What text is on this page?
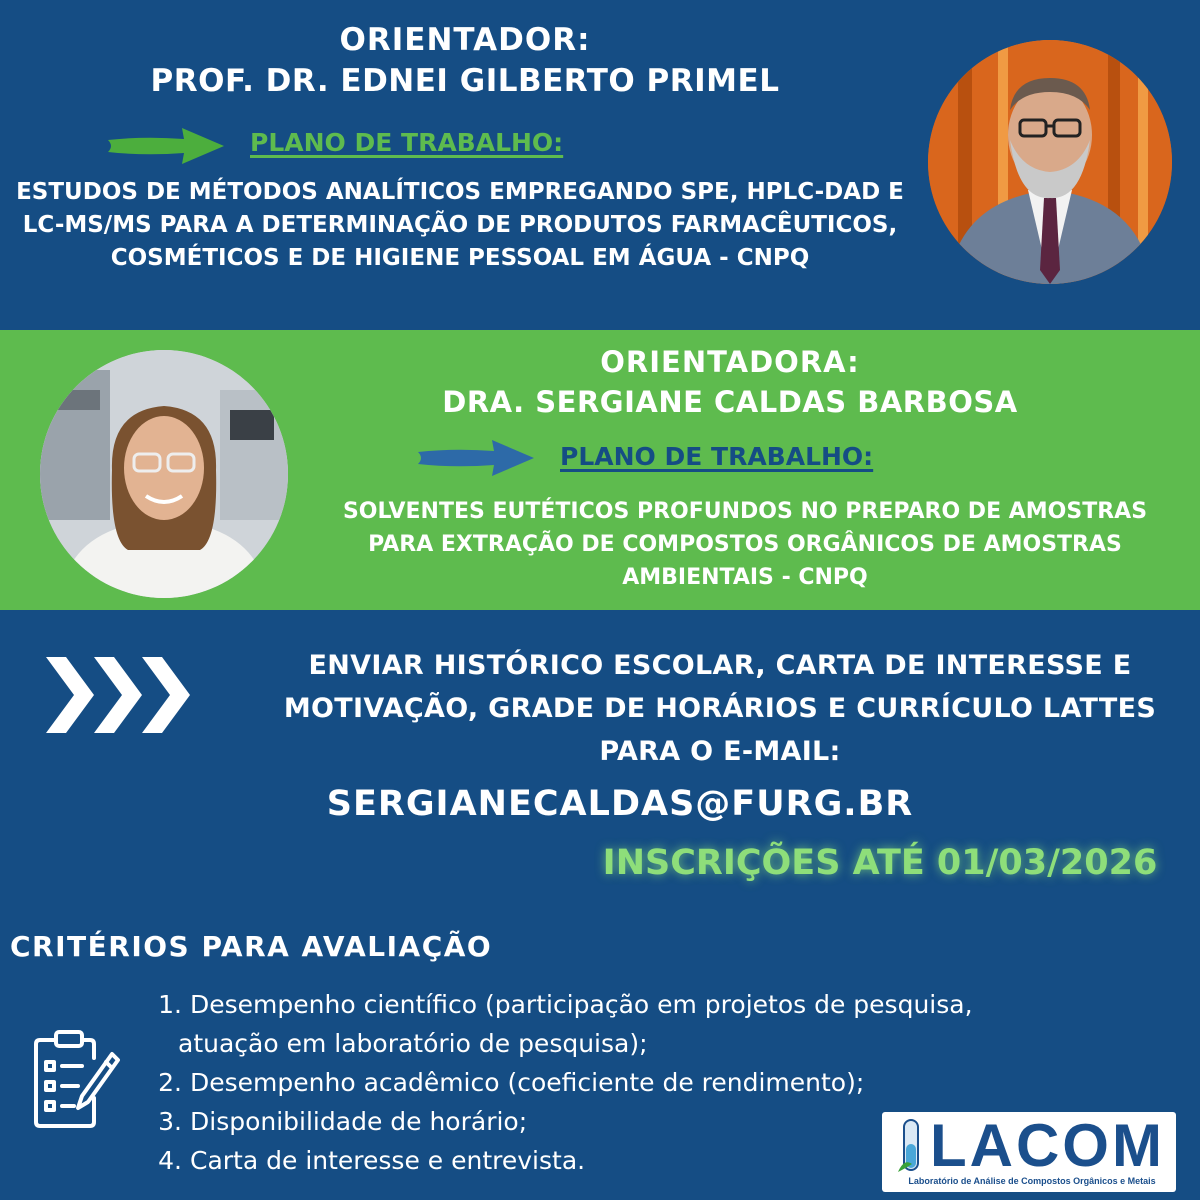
ORIENTADOR:
PROF. DR. EDNEI GILBERTO PRIMEL
PLANO DE TRABALHO:
ESTUDOS DE MÉTODOS ANALÍTICOS EMPREGANDO SPE, HPLC-DAD E LC-MS/MS PARA A DETERMINAÇÃO DE PRODUTOS FARMACÊUTICOS, COSMÉTICOS E DE HIGIENE PESSOAL EM ÁGUA - CNPQ
ORIENTADORA:
DRA. SERGIANE CALDAS BARBOSA
PLANO DE TRABALHO:
SOLVENTES EUTÉTICOS PROFUNDOS NO PREPARO DE AMOSTRAS PARA EXTRAÇÃO DE COMPOSTOS ORGÂNICOS DE AMOSTRAS AMBIENTAIS - CNPQ
ENVIAR HISTÓRICO ESCOLAR, CARTA DE INTERESSE E MOTIVAÇÃO, GRADE DE HORÁRIOS E CURRÍCULO LATTES PARA O E-MAIL:
SERGIANECALDAS@FURG.BR
INSCRIÇÕES ATÉ 01/03/2026
CRITÉRIOS PARA AVALIAÇÃO
1. Desempenho científico (participação em projetos de pesquisa,
atuação em laboratório de pesquisa);
2. Desempenho acadêmico (coeficiente de rendimento);
3. Disponibilidade de horário;
4. Carta de interesse e entrevista.	LACOM
Laboratório de Análise de Compostos Orgânicos e Metais
